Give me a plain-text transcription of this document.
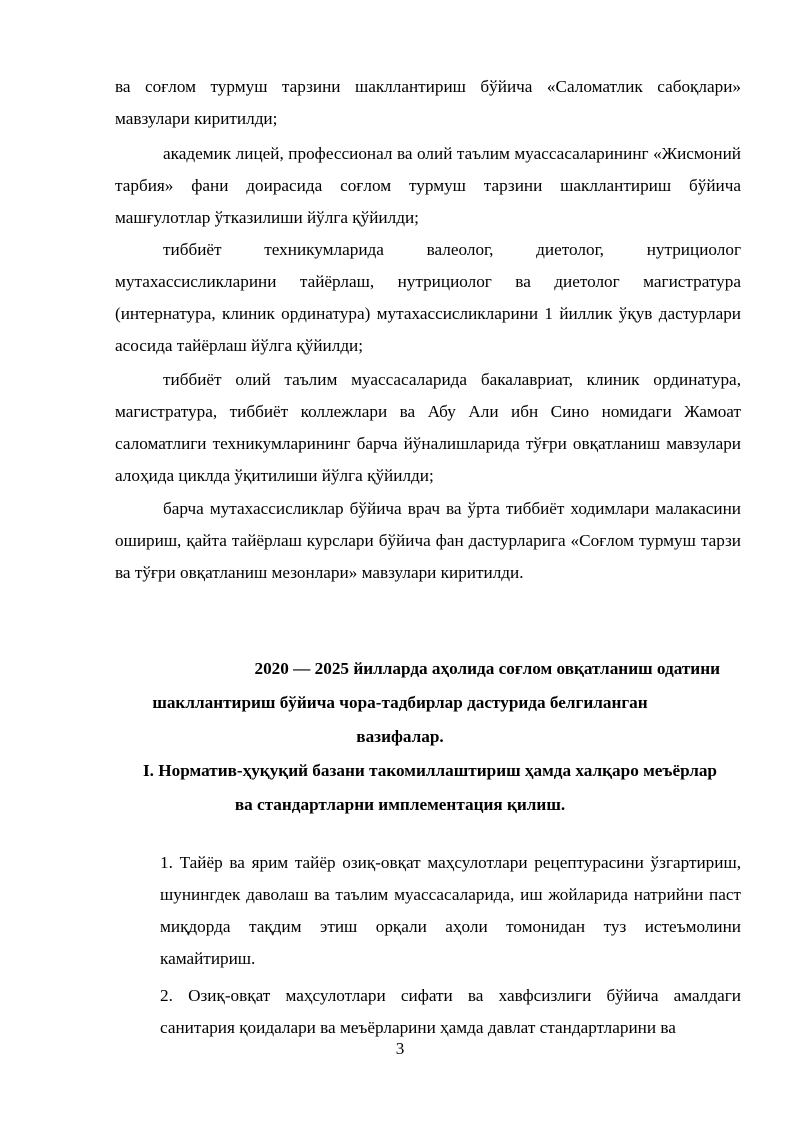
ва соғлом турмуш тарзини шакллантириш бўйича «Саломатлик сабоқлари» мавзулари киритилди;

академик лицей, профессионал ва олий таълим муассасаларининг «Жисмоний тарбия» фани доирасида соғлом турмуш тарзини шакллантириш бўйича машғулотлар ўтказилиши йўлга қўйилди;

тиббиёт техникумларида валеолог, диетолог, нутрициолог мутахассисликларини тайёрлаш, нутрициолог ва диетолог магистратура (интернатура, клиник ординатура) мутахассисликларини 1 йиллик ўқув дастурлари асосида тайёрлаш йўлга қўйилди;

тиббиёт олий таълим муассасаларида бакалавриат, клиник ординатура, магистратура, тиббиёт коллежлари ва Абу Али ибн Сино номидаги Жамоат саломатлиги техникумларининг барча йўналишларида тўғри овқатланиш мавзулари алоҳида циклда ўқитилиши йўлга қўйилди;

барча мутахассисликлар бўйича врач ва ўрта тиббиёт ходимлари малакасини ошириш, қайта тайёрлаш курслари бўйича фан дастурларига «Соғлом турмуш тарзи ва тўғри овқатланиш мезонлари» мавзулари киритилди.

2020 — 2025 йилларда аҳолида соғлом овқатланиш одатини

шакллантириш бўйича чора-тадбирлар дастурида белгиланган

вазифалар.

I. Норматив-ҳуқуқий базани такомиллаштириш ҳамда халқаро меъёрлар

ва стандартларни имплементация қилиш.

1. Тайёр ва ярим тайёр озиқ-овқат маҳсулотлари рецептурасини ўзгартириш, шунингдек даволаш ва таълим муассасаларида, иш жойларида натрийни паст миқдорда тақдим этиш орқали аҳоли томонидан туз истеъмолини камайтириш.

2. Озиқ-овқат маҳсулотлари сифати ва хавфсизлиги бўйича амалдаги санитария қоидалари ва меъёрларини ҳамда давлат стандартларини ва

3
